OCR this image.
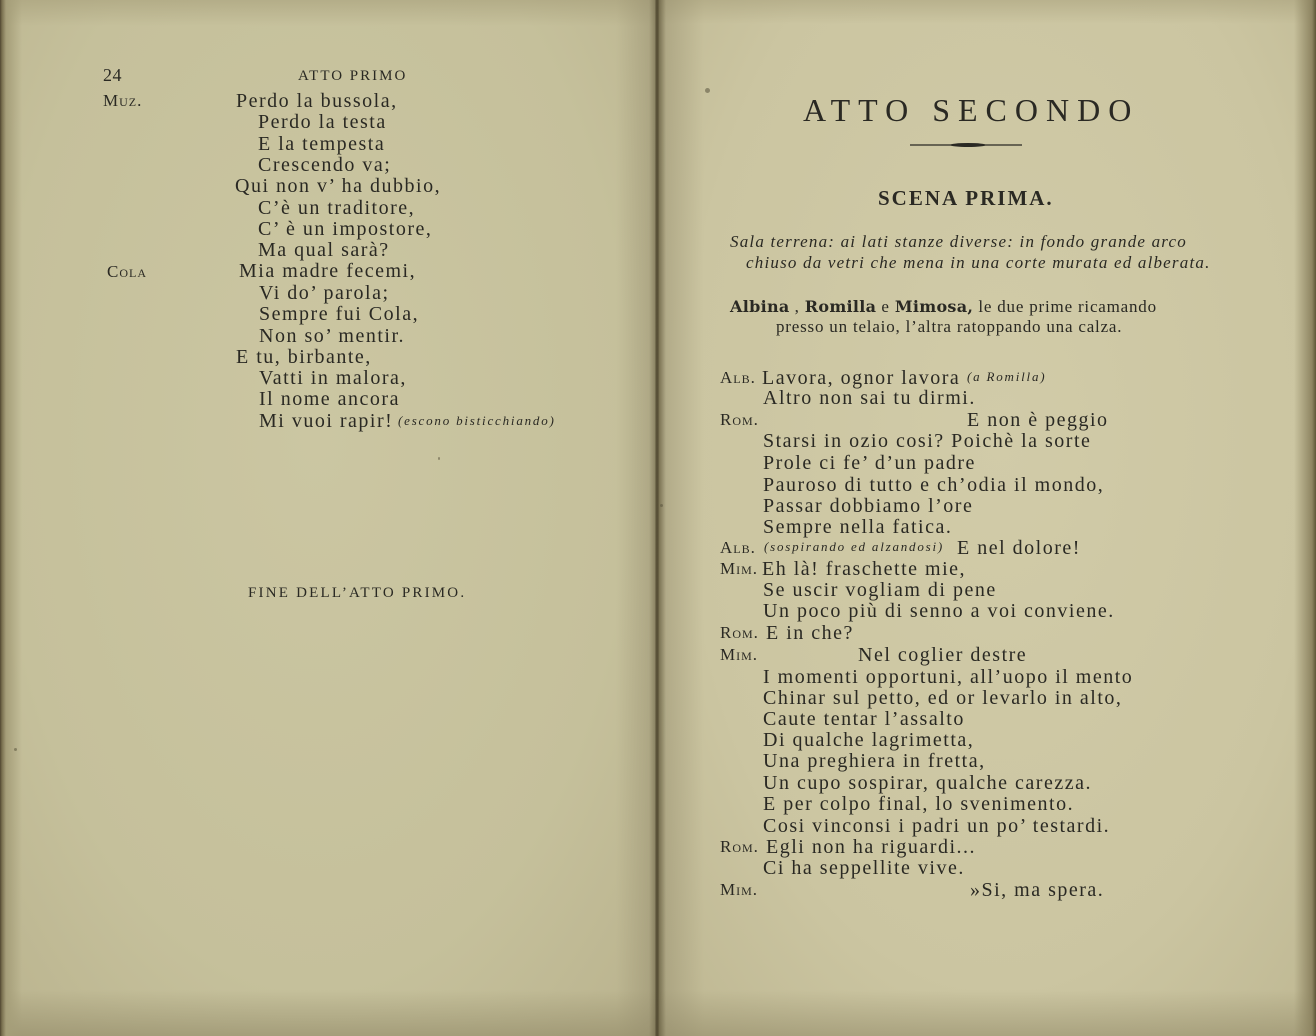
24	ATTO PRIMO
Muz.	Perdo la bussola,
Perdo la testa
E la tempesta
Crescendo va;
Qui non v’ ha dubbio,
C’è un traditore,
C’ è un impostore,
Ma qual sarà?
Cola	Mia madre fecemi,
Vi do’ parola;
Sempre fui Cola,
Non so’ mentir.
E tu, birbante,
Vatti in malora,
Il nome ancora
Mi vuoi rapir! (escono bisticchiando)
FINE DELL’ATTO PRIMO.
ATTO SECONDO
SCENA PRIMA.
Sala terrena: ai lati stanze diverse: in fondo grande arco
chiuso da vetri che mena in una corte murata ed alberata.
Albina , Romilla e Mimosa, le due prime ricamando
presso un telaio, l’altra ratoppando una calza.
Alb. Lavora, ognor lavora (a Romilla)
Altro non sai tu dirmi.
Rom.	E non è peggio
Starsi in ozio cosi? Poichè la sorte
Prole ci fe’ d’un padre
Pauroso di tutto e ch’odia il mondo,
Passar dobbiamo l’ore
Sempre nella fatica.
Alb. (sospirando ed alzandosi) E nel dolore!
Mim. Eh là! fraschette mie,
Se uscir vogliam di pene
Un poco più di senno a voi conviene.
Rom. E in che?
Mim.	Nel coglier destre
I momenti opportuni, all’uopo il mento
Chinar sul petto, ed or levarlo in alto,
Caute tentar l’assalto
Di qualche lagrimetta,
Una preghiera in fretta,
Un cupo sospirar, qualche carezza.
E per colpo final, lo svenimento.
Cosi vinconsi i padri un po’ testardi.
Rom. Egli non ha riguardi...
Ci ha seppellite vive.
Mim.	»Si, ma spera.
